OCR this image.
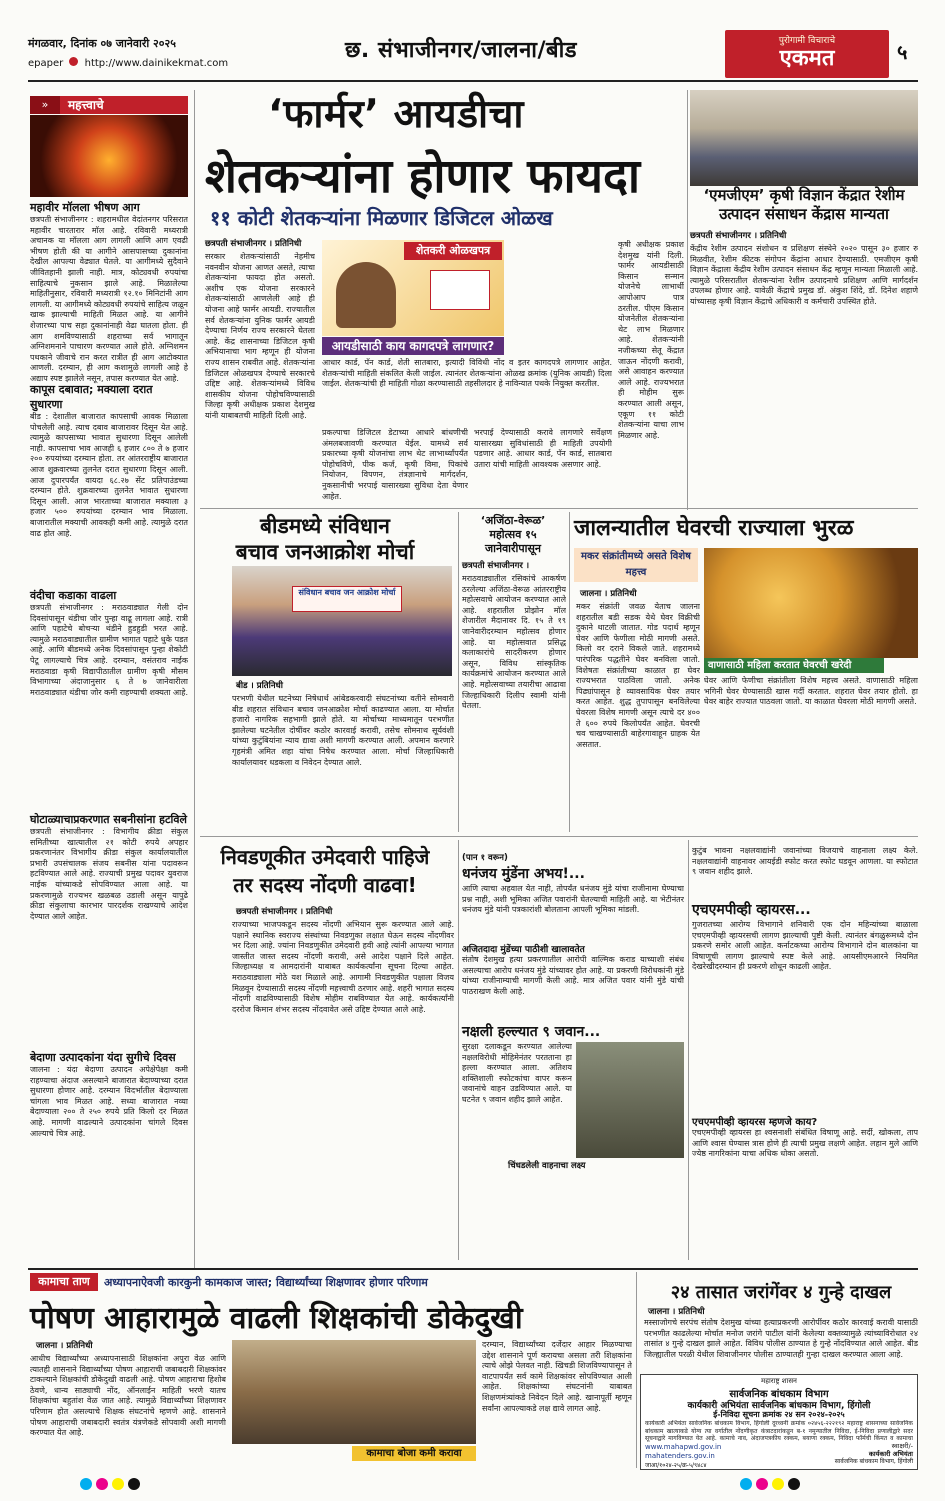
मंगळवार, दिनांक ०७ जानेवारी २०२५
epaper http://www.dainikekmat.com
छ. संभाजीनगर/जालना/बीड	पुरोगामी विचाराचे
एकमत	५
महत्त्वाचे
»
महावीर मॉलला भीषण आग
छत्रपती संभाजीनगर : शहरामधील वेदांतनगर परिसरात महावीर चारतारार मॉल आहे. रविवारी मध्यरात्री अचानक या मॉलला आग लागली आणि आग एवढी भीषण होती की या आगीने आसपासच्या दुकानांना देखील आपल्या वेढ्यात घेतले. या आगीमध्ये सुदैवाने जीवितहानी झाली नाही. मात्र, कोट्यवधी रुपयांचा साहित्याचे नुकसान झाले आहे. मिळालेल्या माहितीनुसार, रविवारी मध्यरात्री १२.१० मिनिटांनी आग लागली. या आगीमध्ये कोट्यवधी रुपयांचे साहित्य जळून खाक झाल्याची माहिती मिळत आहे. या आगीने शेजारच्या पाच सहा दुकानांनाही वेढा घातला होता. ही आग शमविण्यासाठी शहराच्या सर्व भागातून अग्निशमनाने पाचारण करण्यात आले होते. अग्निशमन पथकाने जीवाचे रान करत रात्रीत ही आग आटोक्यात आणली. दरम्यान, ही आग कशामुळे लागली आहे हे अद्याप स्पष्ट झालेले नसून, तपास करण्यात येत आहे.
कापूस दबावात; मक्याला दरात सुधारणा
बीड : देशातील बाजारात कापसाची आवक मिळाला पोचलेली आहे. त्याच दबाव बाजारावर दिसून येत आहे. त्यामुळे कापसाच्या भावात सुधारणा दिसून आलेली नाही. कापसाचा भाव आजही ६ हजार ८०० ते ७ हजार २०० रुपयांच्या दरम्यान होता. तर आंतरराष्ट्रीय बाजारात आज शुक्रवारच्या तुलनेत दरात सुधारणा दिसून आली. आज दुपारपर्यंत वायदा ६८.२७ सेंट प्रतिपाउंडच्या दरम्यान होते. शुक्रवारच्या तुलनेत भावात सुधारणा दिसून आली. आज भारताच्या बाजारात मक्याला ३ हजार ५०० रुपयांच्या दरम्यान भाव मिळाला. बाजारातील मक्याची आवकही कमी आहे. त्यामुळे दरात वाढ होत आहे.
वंदीचा कडाका वाढला
छत्रपती संभाजीनगर : मराठवाड्यात गेली दोन दिवसांपासून थंडीचा जोर पुन्हा वाढू लागला आहे. रात्री आणि पहाटेचे बोचऱ्या थंडीने हुडहुडी भरत आहे. त्यामुळे मराठवाड्यातील ग्रामीण भागात पहाटे धुके पडत आहे. आणि बीडमध्ये अनेक दिवसांपासून पुन्हा शेकोटी पेटू लागल्याचे चित्र आहे. दरम्यान, वसंतराव नाईक मराठवाडा कृषी विद्यापीठातील ग्रामीण कृषी मौसम विभागाच्या अंदाजानुसार ६ ते ७ जानेवारीला मराठवाड्यात थंडीचा जोर कमी राहण्याची शक्यता आहे.
घोटाळ्याचाप्रकरणात सबनीसांना हटविले
छत्रपती संभाजीनगर : विभागीय क्रीडा संकुल समितीच्या खात्यातील २१ कोटी रुपये अपहार प्रकरणानंतर विभागीय क्रीडा संकुल कार्यालयातील प्रभारी उपसंचालक संजय सबनीस यांना पदावरून हटविण्यात आले आहे. राज्याची प्रमुख पदावर युवराज नाईक यांच्याकडे सोपविण्यात आला आहे. या प्रकरणामुळे राज्यभर खळबळ उडाली असून यापुढे क्रीडा संकुलाचा कारभार पारदर्शक राखण्याचे आदेश देण्यात आले आहेत.
बेदाणा उत्पादकांना यंदा सुगीचे दिवस
जालना : यंदा बेदाणा उत्पादन अपेक्षेपेक्षा कमी राहण्याचा अंदाज असल्याने बाजारात बेदाण्याच्या दरात सुधारणा होणार आहे. दरम्यान विदर्भातील बेदाण्याला चांगला भाव मिळत आहे. सध्या बाजारात नव्या बेदाण्याला २०० ते २५० रुपये प्रति किलो दर मिळत आहे. मागणी वाढल्याने उत्पादकांना चांगले दिवस आल्याचे चित्र आहे.
‘फार्मर’ आयडीचा
शेतकऱ्यांना होणार फायदा
११ कोटी शेतकऱ्यांना मिळणार डिजिटल ओळख
छत्रपती संभाजीनगर । प्रतिनिधी
सरकार शेतकऱ्यांसाठी नेहमीच नवनवीन योजना आणत असते, त्याचा शेतकऱ्यांना फायदा होत असतो. अशीच एक योजना सरकारने शेतकऱ्यांसाठी आणलेली आहे ही योजना आहे फार्मर आयडी. राज्यातील सर्व शेतकऱ्यांना युनिक फार्मर आयडी देण्याचा निर्णय राज्य सरकारने घेतला आहे. केंद्र शासनाच्या डिजिटल कृषी अभियानाचा भाग म्हणून ही योजना राज्य शासन राबवीत आहे. शेतकऱ्यांना डिजिटल ओळखपत्र देण्याचे सरकारचे उद्दिष्ट आहे. शेतकऱ्यांमध्ये विविध शासकीय योजना पोहोचविण्यासाठी जिल्हा कृषी अधीक्षक प्रकाश देशमुख यांनी याबाबतची माहिती दिली आहे.
शेतकरी ओळखपत्र
आयडीसाठी काय कागदपत्रे लागणार?
आधार कार्ड, पॅन कार्ड, शेती सातबारा, इत्यादी विविधी नोंद व इतर कागदपत्रे लागणार आहेत. शेतकऱ्यांची माहिती संकलित केली जाईल. त्यानंतर शेतकऱ्यांना ओळख क्रमांक (युनिक आयडी) दिला जाईल. शेतकऱ्यांची ही माहिती गोळा करण्यासाठी तहसीलदार हे नाविन्यात पथके नियुक्त करतील.
प्रकल्पाचा डिजिटल डेटाच्या आधारे बांधणीची अंमलबजावणी करण्यात येईल. यामध्ये सर्व प्रकारच्या कृषी योजनांचा लाभ थेट लाभार्थ्यांपर्यंत पोहोचविणे, पीक कर्ज, कृषी विमा, पिकांचे नियोजन, विपणन, तंत्रज्ञानाचे मार्गदर्शन, नुकसानीची भरपाई यासारख्या सुविधा देता येणार आहेत.
भरपाई देण्यासाठी करावे लागणारे सर्वेक्षण यासारख्या सुविधांसाठी ही माहिती उपयोगी पडणार आहे. आधार कार्ड, पॅन कार्ड, सातबारा उतारा यांची माहिती आवश्यक असणार आहे.
कृषी अधीक्षक प्रकाश देशमुख यांनी दिली. फार्मर आयडीसाठी किसान सन्मान योजनेचे लाभार्थी आपोआप पात्र ठरतील. पीएम किसान योजनेतील शेतकऱ्यांना थेट लाभ मिळणार आहे. शेतकऱ्यांनी नजीकच्या सेतू केंद्रात जाऊन नोंदणी करावी, असे आवाहन करण्यात आले आहे. राज्यभरात ही मोहीम सुरू करण्यात आली असून, एकूण ११ कोटी शेतकऱ्यांना याचा लाभ मिळणार आहे.
‘एमजीएम’ कृषी विज्ञान केंद्रात रेशीम उत्पादन संसाधन केंद्रास मान्यता
छत्रपती संभाजीनगर । प्रतिनिधी
केंद्रीय रेशीम उत्पादन संशोधन व प्रशिक्षण संस्थेने २०२० पासून ३० हजार रु मिळवीत, रेशीम कीटक संगोपन केंद्रांना आधार देण्यासाठी. एमजीएम कृषी विज्ञान केंद्राला केंद्रीय रेशीम उत्पादन संसाधन केंद्र म्हणून मान्यता मिळाली आहे. त्यामुळे परिसरातील शेतकऱ्यांना रेशीम उत्पादनाचे प्रशिक्षण आणि मार्गदर्शन उपलब्ध होणार आहे. यावेळी केंद्राचे प्रमुख डॉ. अंकुश शिंदे, डॉ. दिनेश शहाणे यांच्यासह कृषी विज्ञान केंद्राचे अधिकारी व कर्मचारी उपस्थित होते.
बीडमध्ये संविधान
बचाव जनआक्रोश मोर्चा
संविधान बचाव जन आक्रोश मोर्चा
बीड । प्रतिनिधी
परभणी येथील घटनेच्या निषेधार्थ आंबेडकरवादी संघटनांच्या वतीने सोमवारी बीड शहरात संविधान बचाव जनआक्रोश मोर्चा काढण्यात आला. या मोर्चात हजारो नागरिक सहभागी झाले होते. या मोर्चाच्या माध्यमातून परभणीत झालेल्या घटनेतील दोषींवर कठोर कारवाई करावी, तसेच सोमनाथ सूर्यवंशी यांच्या कुटुंबियांना न्याय द्यावा अशी मागणी करण्यात आली. अपमान करणारे गृहमंत्री अमित शहा यांचा निषेध करण्यात आला. मोर्चा जिल्हाधिकारी कार्यालयावर धडकला व निवेदन देण्यात आले.
‘अजिंठा-वेरूळ’
महोत्सव १५
जानेवारीपासून
छत्रपती संभाजीनगर ।
मराठवाड्यातील रसिकांचे आकर्षण ठरलेल्या अजिंठा-वेरूळ आंतरराष्ट्रीय महोत्सवाचे आयोजन करण्यात आले आहे. शहरातील प्रोझोन मॉल शेजारील मैदानावर दि. १५ ते १९ जानेवारीदरम्यान महोत्सव होणार आहे. या महोत्सवात प्रसिद्ध कलाकारांचे सादरीकरण होणार असून, विविध सांस्कृतिक कार्यक्रमांचे आयोजन करण्यात आले आहे. महोत्सवाच्या तयारीचा आढावा जिल्हाधिकारी दिलीप स्वामी यांनी घेतला.
जालन्यातील घेवरची राज्याला भुरळ
मकर संक्रांतीमध्ये असते विशेष महत्त्व
जालना । प्रतिनिधी
मकर संक्रांती जवळ येताच जालना शहरातील बडी सडक येथे घेवर विक्रीची दुकाने थाटली जातात. गोड पदार्थ म्हणून घेवर आणि फेणीला मोठी मागणी असते. किलो वर दराने विकले जाते. शहरामध्ये पारंपरिक पद्धतीने घेवर बनविला जातो. विशेषतः संक्रांतीच्या काळात हा घेवर राज्यभरात पाठविला जातो. अनेक पिढ्यांपासून हे व्यावसायिक घेवर तयार करत आहेत. शुद्ध तुपापासून बनविलेल्या घेवरला विशेष मागणी असून त्याचे दर ४०० ते ६०० रुपये किलोपर्यंत आहेत. घेवरची चव चाखण्यासाठी बाहेरगावाहून ग्राहक येत असतात.
वाणासाठी महिला करतात घेवरची खरेदी
घेवर आणि फेणीचा संक्रांतीला विशेष महत्त्व असते. वाणासाठी महिला भगिनी घेवर घेण्यासाठी खास गर्दी करतात. शहरात घेवर तयार होतो. हा घेवर बाहेर राज्यात पाठवला जातो. या काळात घेवरला मोठी मागणी असते.
निवडणूकीत उमेदवारी पाहिजे
तर सदस्य नोंदणी वाढवा!
छत्रपती संभाजीनगर । प्रतिनिधी
राज्याच्या भाजपकडून सदस्य नोंदणी अभियान सुरू करण्यात आले आहे. पक्षाने स्थानिक स्वराज्य संस्थांच्या निवडणुका लक्षात घेऊन सदस्य नोंदणीवर भर दिला आहे. ज्यांना निवडणुकीत उमेदवारी हवी आहे त्यांनी आपल्या भागात जास्तीत जास्त सदस्य नोंदणी करावी, असे आदेश पक्षाने दिले आहेत. जिल्हाध्यक्ष व आमदारांनी याबाबत कार्यकर्त्यांना सूचना दिल्या आहेत. मराठवाड्याला मोठे यश मिळाले आहे. आगामी निवडणुकीत पक्षाला विजय मिळवून देण्यासाठी सदस्य नोंदणी महत्त्वाची ठरणार आहे. शहरी भागात सदस्य नोंदणी वाढविण्यासाठी विशेष मोहीम राबविण्यात येत आहे. कार्यकर्त्यांनी दररोज किमान शंभर सदस्य नोंदवावेत असे उद्दिष्ट देण्यात आले आहे.
(पान १ वरून)
धनंजय मुंडेंना अभय!...
आणि त्याचा अहवाल येत नाही, तोपर्यंत धनंजय मुंडे यांचा राजीनामा घेण्याचा प्रश्न नाही, अशी भूमिका अजित पवारांनी घेतल्याची माहिती आहे. या भेटीनंतर धनंजय मुंडे यांनी पत्रकारांशी बोलताना आपली भूमिका मांडली.
अजितदादा मुंडेंच्या पाठीशी खालावतेत
संतोष देशमुख हत्या प्रकरणातील आरोपी वाल्मिक कराड याच्याशी संबंध असल्याचा आरोप धनंजय मुंडे यांच्यावर होत आहे. या प्रकरणी विरोधकांनी मुंडे यांच्या राजीनाम्याची मागणी केली आहे. मात्र अजित पवार यांनी मुंडे यांची पाठराखण केली आहे.
नक्षली हल्ल्यात ९ जवान...
सुरक्षा दलाकडून करण्यात आलेल्या नक्षलविरोधी मोहिमेनंतर परतताना हा हल्ला करण्यात आला. अतिशय शक्तिशाली स्फोटकांचा वापर करून जवानांचे वाहन उडविण्यात आले. या घटनेत ९ जवान शहीद झाले आहेत.
चिंधडलेली वाहनाचा लक्ष्य
कुटुंब भावना नक्षलवाद्यांनी जवानांच्या विजयाचे वाहनाला लक्ष्य केले. नक्षलवाद्यांनी वाहनावर आयईडी स्फोट करत स्फोट घडवून आणला. या स्फोटात ९ जवान शहीद झाले.
एचएमपीव्ही व्हायरस...
गुजरातच्या आरोग्य विभागाने शनिवारी एक दोन महिन्यांच्या बाळाला एचएमपीव्ही व्हायरसची लागण झाल्याची पुष्टी केली. त्यानंतर बंगळुरूमध्ये दोन प्रकरणे समोर आली आहेत. कर्नाटकच्या आरोग्य विभागाने दोन बालकांना या विषाणूची लागण झाल्याचे स्पष्ट केले आहे. आयसीएमआरने नियमित देखरेखीदरम्यान ही प्रकरणे शोधून काढली आहेत.
एचएमपीव्ही व्हायरस म्हणजे काय?
एचएमपीव्ही व्हायरस हा श्वसनाशी संबंधित विषाणू आहे. सर्दी, खोकला, ताप आणि श्वास घेण्यास त्रास होणे ही त्याची प्रमुख लक्षणे आहेत. लहान मुले आणि ज्येष्ठ नागरिकांना याचा अधिक धोका असतो.
कामाचा ताण	अध्यापनाऐवजी कारकुनी कामकाज जास्त; विद्यार्थ्यांच्या शिक्षणावर होणार परिणाम
पोषण आहारामुळे वाढली शिक्षकांची डोकेदुखी
जालना । प्रतिनिधी
आधीच विद्यार्थ्यांच्या अध्यापनासाठी शिक्षकांना अपुरा वेळ आणि त्यातही शासनाने विद्यार्थ्यांच्या पोषण आहाराची जबाबदारी शिक्षकांवर टाकल्याने शिक्षकांची डोकेदुखी वाढली आहे. पोषण आहाराचा हिशोब ठेवणे, धान्य साठ्याची नोंद, ऑनलाईन माहिती भरणे यातच शिक्षकांचा बहुतांश वेळ जात आहे. त्यामुळे विद्यार्थ्यांच्या शिक्षणावर परिणाम होत असल्याचे शिक्षक संघटनांचे म्हणणे आहे. शासनाने पोषण आहाराची जबाबदारी स्वतंत्र यंत्रणेकडे सोपवावी अशी मागणी करण्यात येत आहे.
कामाचा बोजा कमी करावा
दरम्यान, विद्यार्थ्यांच्या दर्जेदार आहार मिळण्याचा उद्देश शासनाने पूर्ण करायचा असला तरी शिक्षकांना त्याचे ओझे पेलवत नाही. खिचडी शिजविण्यापासून ते वाटपापर्यंत सर्व कामे शिक्षकांवर सोपविण्यात आली आहेत. शिक्षकांच्या संघटनांनी याबाबत शिक्षणमंत्र्यांकडे निवेदन दिले आहे. खानापूर्ती म्हणून सर्वांना आपल्याकडे लक्ष द्यावे लागत आहे.
२४ तासात जरांगेंवर ४ गुन्हे दाखल
जालना । प्रतिनिधी
मस्साजोगचे सरपंच संतोष देशमुख यांच्या हत्याप्रकरणी आरोपींवर कठोर कारवाई करावी यासाठी परभणीत काढलेल्या मोर्चात मनोज जरांगे पाटील यांनी केलेल्या वक्तव्यामुळे त्यांच्याविरोधात २४ तासांत ४ गुन्हे दाखल झाले आहेत. विविध पोलीस ठाण्यात हे गुन्हे नोंदविण्यात आले आहेत. बीड जिल्ह्यातील परळी येथील शिवाजीनगर पोलीस ठाण्यातही गुन्हा दाखल करण्यात आला आहे.
महाराष्ट्र शासन
सार्वजनिक बांधकाम विभाग
कार्यकारी अभियंता सार्वजनिक बांधकाम विभाग, हिंगोली
ई-निविदा सूचना क्रमांक २४ सन २०२४-२०२५
कार्यकारी अभियंता सार्वजनिक बांधकाम विभाग, हिंगोली दूरध्वनी क्रमांक ०२४५६-२२२१९२ महाराष्ट्र शासनाच्या सार्वजनिक बांधकाम खात्याकडे योग्य त्या वर्गातील नोंदणीकृत कंत्राटदारांकडून ब-१ नमुन्यातील निविदा, ई-निविदा प्रणालीद्वारे सदर सूचनाद्वारे मागविण्यात येत आहे. कामाचे नाव, अंदाजपत्रकीय रक्कम, बयाणा रक्कम, निविदा फॉर्मची किंमत व कामाचा
www.mahapwd.gov.in
mahatenders.gov.in
स्वाक्षरी/-
कार्यकारी अभियंता
सार्वजनिक बांधकाम विभाग, हिंगोली
जाआ/१०२४-२५/क्र-५/९४८४
